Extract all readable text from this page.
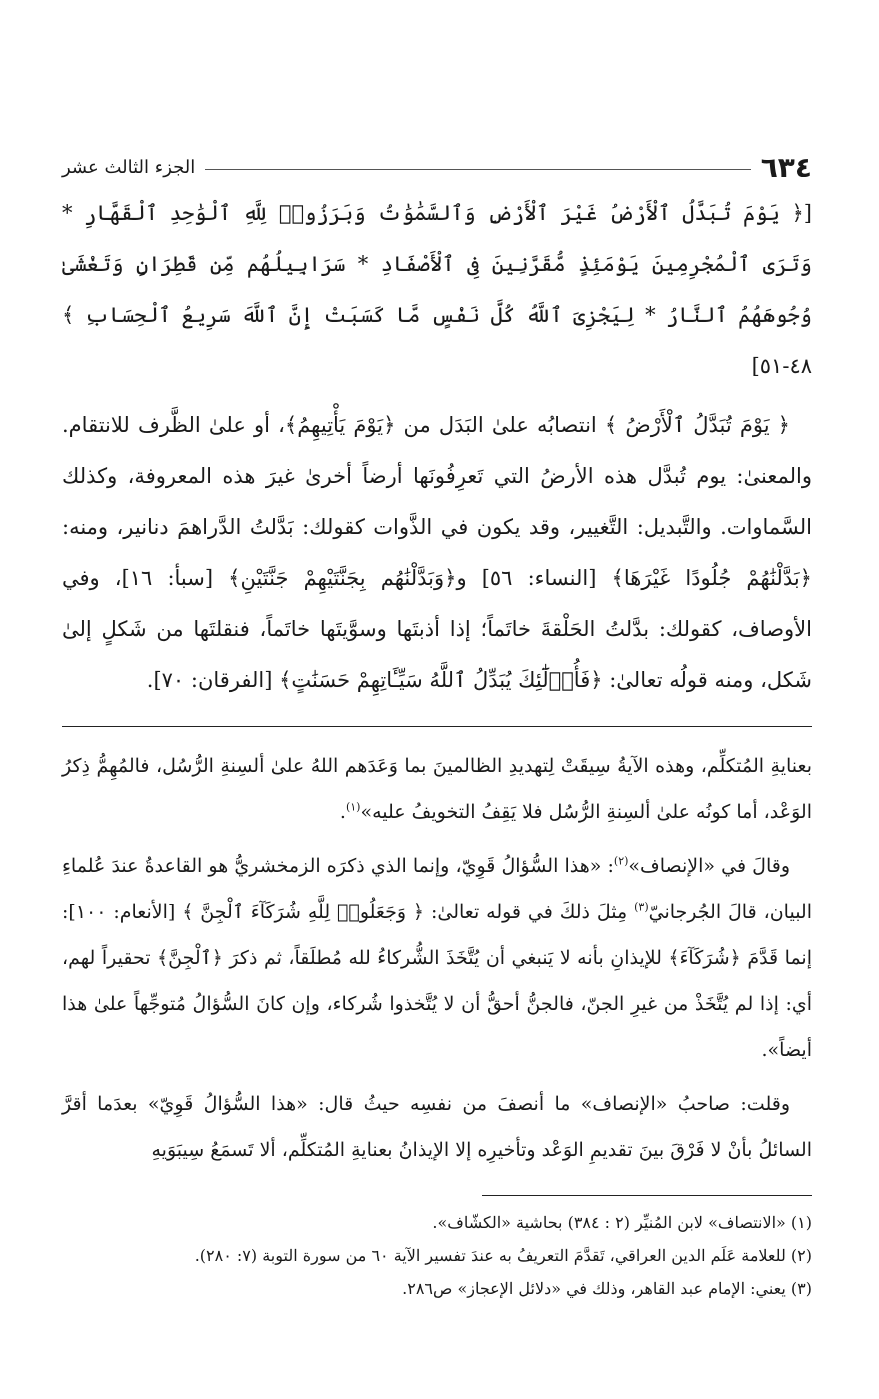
٦٣٤
الجزء الثالث عشر

[﴿ يَوْمَ تُبَدَّلُ ٱلْأَرْضُ غَيْرَ ٱلْأَرْضِ وَٱلسَّمَٰوَٰتُ وَبَرَزُوا۟ لِلَّهِ ٱلْوَٰحِدِ ٱلْقَهَّارِ * وَتَرَى ٱلْمُجْرِمِينَ يَوْمَئِذٍ مُّقَرَّنِينَ فِى ٱلْأَصْفَادِ * سَرَابِيلُهُم مِّن قَطِرَانٍ وَتَغْشَىٰ وُجُوهَهُمُ ٱلنَّارُ * لِيَجْزِىَ ٱللَّهُ كُلَّ نَفْسٍ مَّا كَسَبَتْ إِنَّ ٱللَّهَ سَرِيعُ ٱلْحِسَابِ ﴾ ٤٨-٥١]

﴿ يَوْمَ تُبَدَّلُ ٱلْأَرْضُ ﴾ انتصابُه علىٰ البَدَل من ﴿يَوْمَ يَأْتِيهِمُ﴾، أو علىٰ الظَّرف للانتقام. والمعنىٰ: يوم تُبدَّل هذه الأرضُ التي تَعرِفُونَها أرضاً أخرىٰ غيرَ هذه المعروفة، وكذلك السَّماوات. والتَّبديل: التَّغيير، وقد يكون في الذَّوات كقولك: بَدَّلتُ الدَّراهمَ دنانير، ومنه: ﴿بَدَّلْنَٰهُمْ جُلُودًا غَيْرَهَا﴾ [النساء: ٥٦] و﴿وَبَدَّلْنَٰهُم بِجَنَّتَيْهِمْ جَنَّتَيْنِ﴾ [سبأ: ١٦]، وفي الأوصاف، كقولك: بدَّلتُ الحَلْقةَ خاتَماً؛ إذا أذبتَها وسوَّيتَها خاتَماً، فنقلتَها من شَكلٍ إلىٰ شَكل، ومنه قولُه تعالىٰ: ﴿فَأُو۟لَٰٓئِكَ يُبَدِّلُ ٱللَّهُ سَيِّـَٔاتِهِمْ حَسَنَٰتٍ﴾ [الفرقان: ٧٠].

بعنايةِ المُتكلِّم، وهذه الآيةُ سِيقَتْ لِتهديدِ الظالمينَ بما وَعَدَهم اللهُ علىٰ ألسِنةِ الرُّسُل، فالمُهِمُّ ذِكرُ الوَعْد، أما كونُه علىٰ ألسِنةِ الرُّسُل فلا يَقِفُ التخويفُ عليه»$^{(١)}$.

وقالَ في «الإنصاف»$^{(٢)}$: «هذا السُّؤالُ قَوِيّ، وإنما الذي ذكرَه الزمخشريُّ هو القاعدةُ عندَ عُلماءِ البيان، قالَ الجُرجانيّ$^{(٣)}$ مِثلَ ذلكَ في قوله تعالىٰ: ﴿ وَجَعَلُوا۟ لِلَّهِ شُرَكَآءَ ٱلْجِنَّ ﴾ [الأنعام: ١٠٠]: إنما قَدَّمَ ﴿شُرَكَآءَ﴾ للإيذانِ بأنه لا يَنبغي أن يُتَّخَذَ الشُّركاءُ لله مُطلَقاً، ثم ذكرَ ﴿ٱلْجِنَّ﴾ تحقيراً لهم، أي: إذا لم يُتَّخَذْ من غيرِ الجنّ، فالجنُّ أحقُّ أن لا يُتَّخذوا شُركاء، وإن كانَ السُّؤالُ مُتوجِّهاً علىٰ هذا أيضاً».

وقلت: صاحبُ «الإنصاف» ما أنصفَ من نفسِه حيثُ قال: «هذا السُّؤالُ قَوِيّ» بعدَما أقرَّ السائلُ بأنْ لا فَرْقَ بينَ تقديمِ الوَعْد وتأخيرِه إلا الإيذانُ بعنايةِ المُتكلِّم، ألا تَسمَعُ سِيبَوَيهِ

(١) «الانتصاف» لابن المُنيِّر (٢ : ٣٨٤) بحاشية «الكشّاف».

(٢) للعلامة عَلَم الدين العراقي، تَقدَّمَ التعريفُ به عندَ تفسير الآية ٦٠ من سورة التوبة (٧: ٢٨٠).

(٣) يعني: الإمام عبد القاهر، وذلك في «دلائل الإعجاز» ص٢٨٦.
